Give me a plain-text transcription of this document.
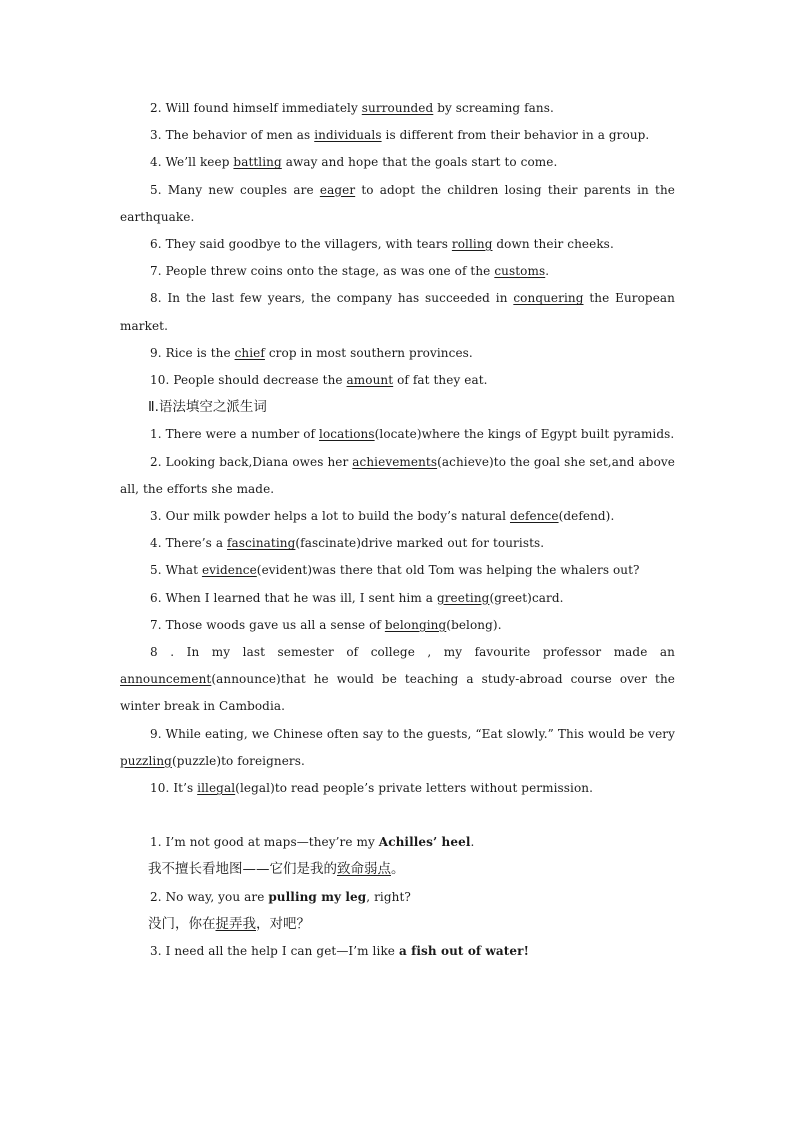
2. Will found himself immediately surrounded by screaming fans.

3. The behavior of men as individuals is different from their behavior in a group.

4. We’ll keep battling away and hope that the goals start to come.

5. Many new couples are eager to adopt the children losing their parents in the earthquake.

6. They said goodbye to the villagers, with tears rolling down their cheeks.

7. People threw coins onto the stage, as was one of the customs.

8. In the last few years, the company has succeeded in conquering the European market.

9. Rice is the chief crop in most southern provinces.

10. People should decrease the amount of fat they eat.

Ⅱ.语法填空之派生词

1. There were a number of locations(locate)where the kings of Egypt built pyramids.

2. Looking back,Diana owes her achievements(achieve)to the goal she set,and above all, the efforts she made.

3. Our milk powder helps a lot to build the body’s natural defence(defend).

4. There’s a fascinating(fascinate)drive marked out for tourists.

5. What evidence(evident)was there that old Tom was helping the whalers out?

6. When I learned that he was ill, I sent him a greeting(greet)card.

7. Those woods gave us all a sense of belonging(belong).

8 . In my last semester of college , my favourite professor made an announcement(announce)that he would be teaching a study-abroad course over the winter break in Cambodia.

9. While eating, we Chinese often say to the guests, “Eat slowly.” This would be very puzzling(puzzle)to foreigners.

10. It’s illegal(legal)to read people’s private letters without permission.

1. I’m not good at maps—they’re my Achilles’ heel.

我不擅长看地图——它们是我的致命弱点。

2. No way, you are pulling my leg, right?

没门，你在捉弄我，对吧？

3. I need all the help I can get—I’m like a fish out of water!
